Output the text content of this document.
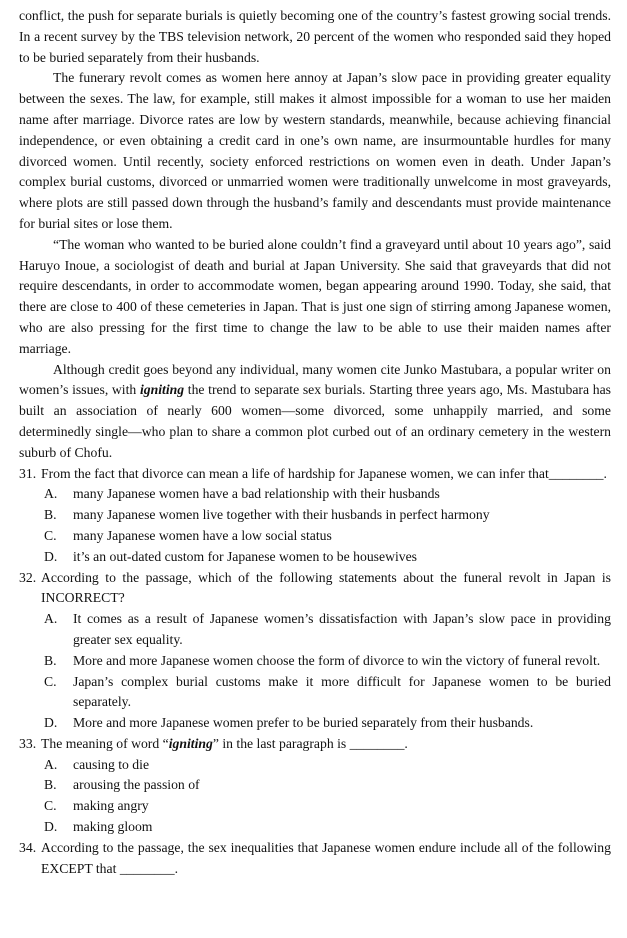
conflict, the push for separate burials is quietly becoming one of the country’s fastest growing social trends. In a recent survey by the TBS television network, 20 percent of the women who responded said they hoped to be buried separately from their husbands.

The funerary revolt comes as women here annoy at Japan’s slow pace in providing greater equality between the sexes. The law, for example, still makes it almost impossible for a woman to use her maiden name after marriage. Divorce rates are low by western standards, meanwhile, because achieving financial independence, or even obtaining a credit card in one’s own name, are insurmountable hurdles for many divorced women. Until recently, society enforced restrictions on women even in death. Under Japan’s complex burial customs, divorced or unmarried women were traditionally unwelcome in most graveyards, where plots are still passed down through the husband’s family and descendants must provide maintenance for burial sites or lose them.

“The woman who wanted to be buried alone couldn’t find a graveyard until about 10 years ago”, said Haruyo Inoue, a sociologist of death and burial at Japan University. She said that graveyards that did not require descendants, in order to accommodate women, began appearing around 1990. Today, she said, that there are close to 400 of these cemeteries in Japan. That is just one sign of stirring among Japanese women, who are also pressing for the first time to change the law to be able to use their maiden names after marriage.

Although credit goes beyond any individual, many women cite Junko Mastubara, a popular writer on women’s issues, with igniting the trend to separate sex burials. Starting three years ago, Ms. Mastubara has built an association of nearly 600 women—some divorced, some unhappily married, and some determinedly single—who plan to share a common plot curbed out of an ordinary cemetery in the western suburb of Chofu.

31. From the fact that divorce can mean a life of hardship for Japanese women, we can infer that________.
A. many Japanese women have a bad relationship with their husbands
B. many Japanese women live together with their husbands in perfect harmony
C. many Japanese women have a low social status
D. it’s an out-dated custom for Japanese women to be housewives
32. According to the passage, which of the following statements about the funeral revolt in Japan is INCORRECT?
A. It comes as a result of Japanese women’s dissatisfaction with Japan’s slow pace in providing greater sex equality.
B. More and more Japanese women choose the form of divorce to win the victory of funeral revolt.
C. Japan’s complex burial customs make it more difficult for Japanese women to be buried separately.
D. More and more Japanese women prefer to be buried separately from their husbands.
33. The meaning of word “igniting” in the last paragraph is ________.
A. causing to die
B. arousing the passion of
C. making angry
D. making gloom
34. According to the passage, the sex inequalities that Japanese women endure include all of the following EXCEPT that ________.
